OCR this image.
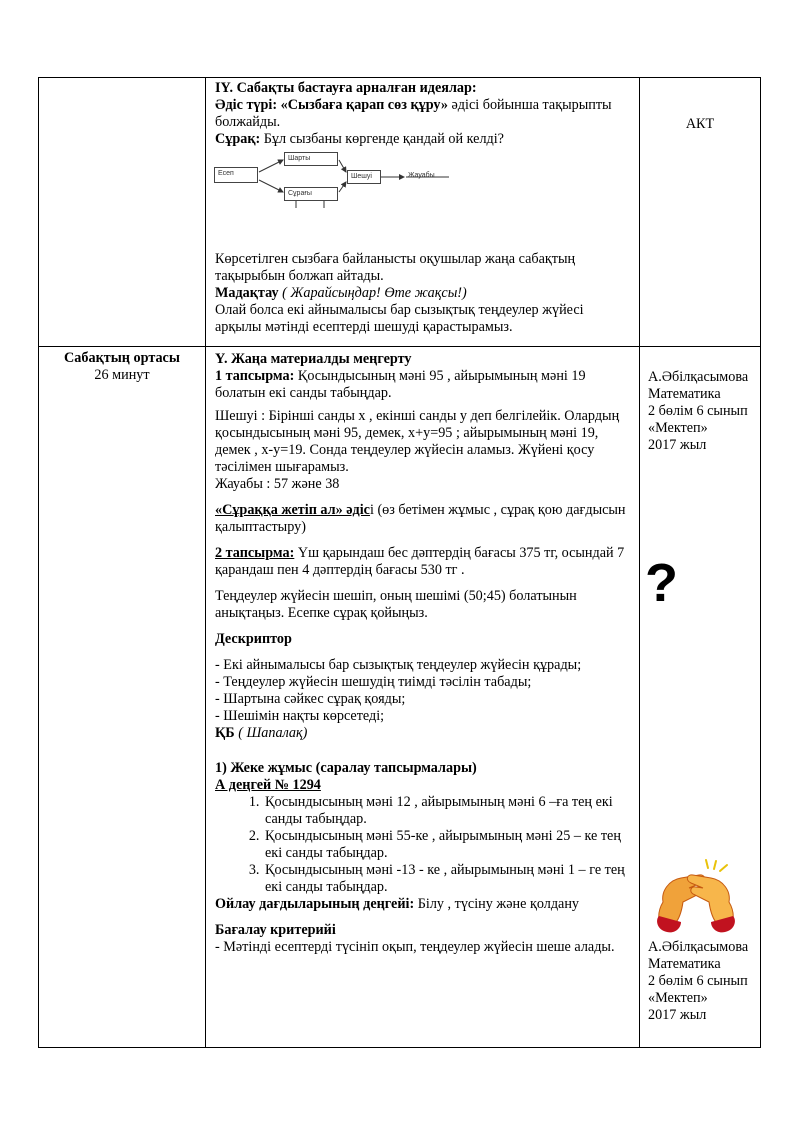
IY. Сабақты бастауға арналған идеялар:

Әдіс түрі: «Сызбаға қарап сөз құру» әдісі бойынша тақырыпты болжайды.

Сұрақ: Бұл сызбаны көргенде қандай ой келді?

Есеп
Шарты
Сұрағы
Шешуі	Жауабы

Көрсетілген сызбаға байланысты оқушылар жаңа сабақтың тақырыбын болжап айтады.

Мадақтау ( Жарайсыңдар! Өте жақсы!)

Олай болса екі айнымалысы бар сызықтық теңдеулер жүйесі арқылы мәтінді есептерді шешуді қарастырамыз.

АКТ

Сабақтың ортасы

26 минут

Y. Жаңа материалды меңгерту

1 тапсырма: Қосындысының мәні 95 , айырымының мәні 19 болатын екі санды табыңдар.

Шешуі : Бірінші санды х , екінші санды у деп белгілейік. Олардың қосындысының мәні 95, демек, х+у=95 ; айырымының мәні 19, демек , х-у=19. Сонда теңдеулер жүйесін аламыз. Жүйені қосу тәсілімен шығарамыз.

Жауабы : 57 және 38

«Сұраққа жетіп ал» әдісі (өз бетімен жұмыс , сұрақ қою дағдысын қалыптастыру)

2 тапсырма: Үш қарындаш бес дәптердің бағасы 375 тг, осындай 7 қарандаш пен 4 дәптердің бағасы 530 тг .

Теңдеулер жүйесін шешіп, оның шешімі (50;45) болатынын анықтаңыз. Есепке сұрақ қойыңыз.

Дескриптор

- Екі айнымалысы бар сызықтық теңдеулер жүйесін құрады;

- Теңдеулер жүйесін шешудің тиімді тәсілін табады;

- Шартына сәйкес сұрақ қояды;

- Шешімін нақты көрсетеді;

ҚБ ( Шапалақ)

1) Жеке жұмыс (саралау тапсырмалары)

А деңгей № 1294

1. Қосындысының мәні 12 , айырымының мәні 6 –ға тең екі санды табыңдар.
2. Қосындысының мәні 55-ке , айырымының мәні 25 – ке тең екі санды табыңдар.
3. Қосындысының мәні -13 - ке , айырымының мәні 1 – ге тең екі санды табыңдар.

Ойлау дағдыларының деңгейі: Білу , түсіну және қолдану

Бағалау критерийі

- Мәтінді есептерді түсініп оқып, теңдеулер жүйесін шеше алады.

А.Әбілқасымова

Математика

2 бөлім 6 сынып

«Мектеп»

2017 жыл

?

А.Әбілқасымова

Математика

2 бөлім 6 сынып

«Мектеп»

2017 жыл
